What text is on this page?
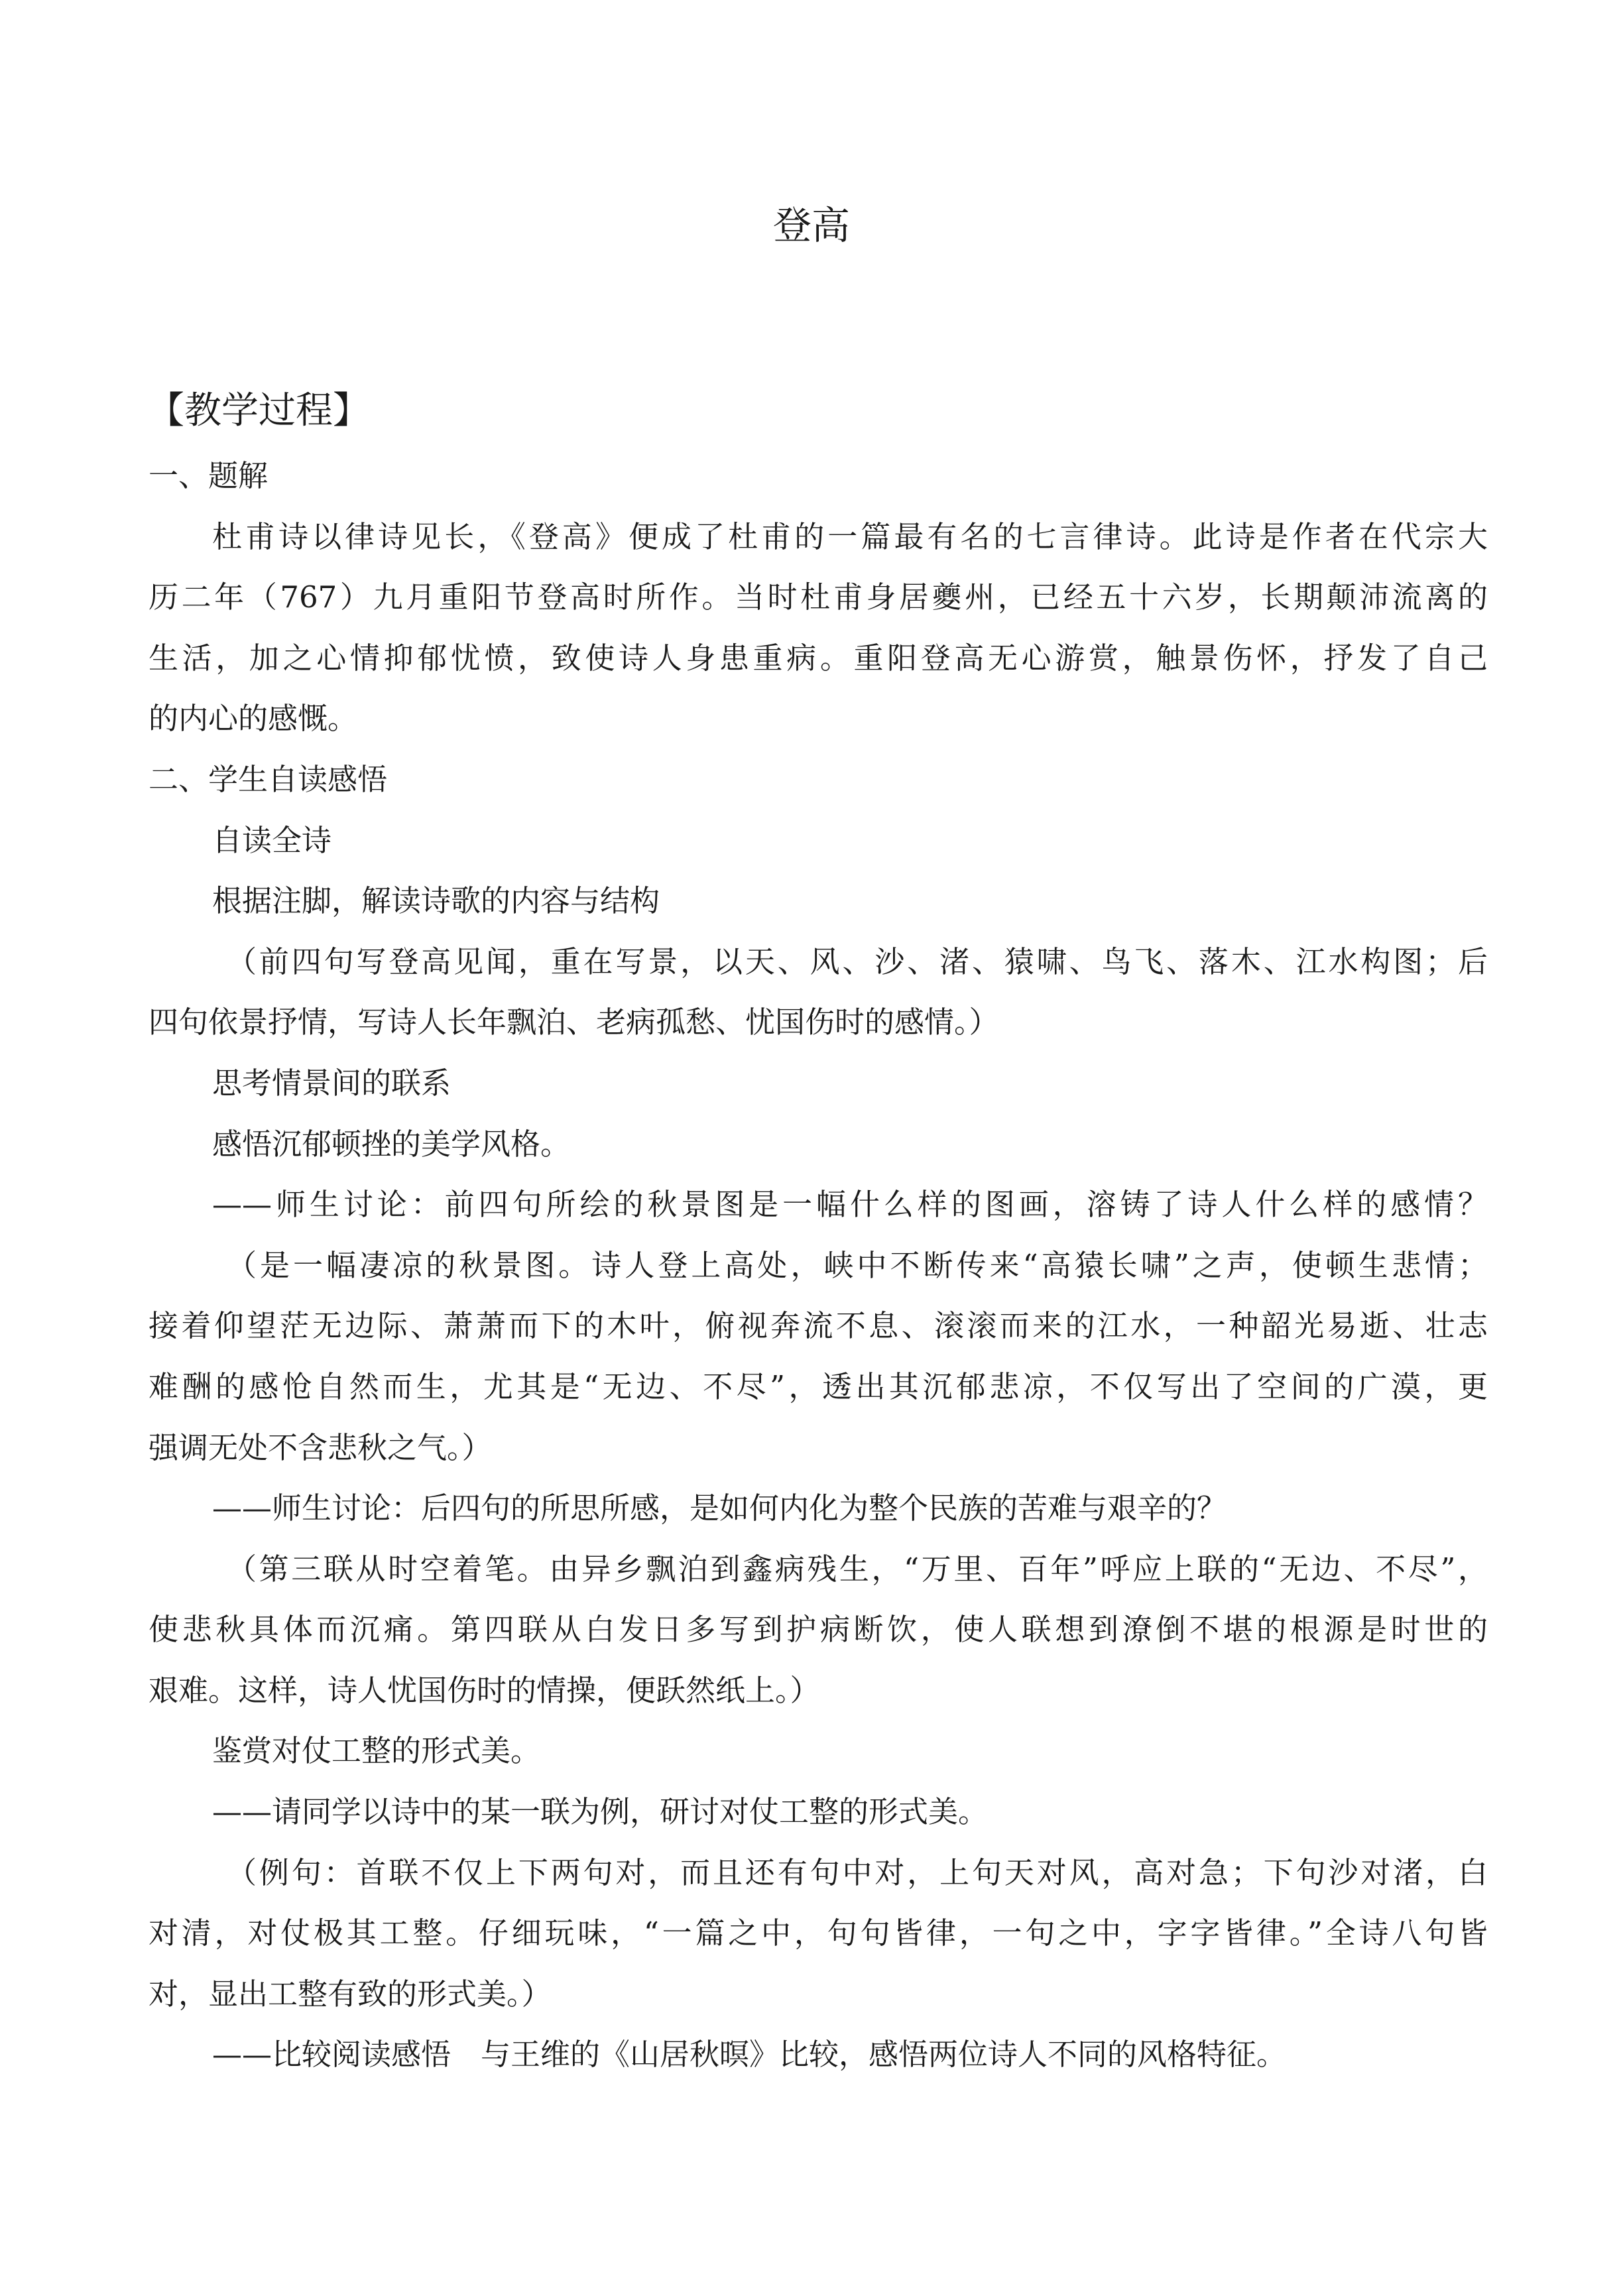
登高
【教学过程】
一、题解
杜甫诗以律诗见长，《登高》便成了杜甫的一篇最有名的七言律诗。此诗是作者在代宗大
历二年（767）九月重阳节登高时所作。当时杜甫身居夔州，已经五十六岁，长期颠沛流离的
生活，加之心情抑郁忧愤，致使诗人身患重病。重阳登高无心游赏，触景伤怀，抒发了自己
的内心的感慨。
二、学生自读感悟
自读全诗
根据注脚，解读诗歌的内容与结构
（前四句写登高见闻，重在写景，以天、风、沙、渚、猿啸、鸟飞、落木、江水构图；后
四句依景抒情，写诗人长年飘泊、老病孤愁、忧国伤时的感情。）
思考情景间的联系
感悟沉郁顿挫的美学风格。
——师生讨论：前四句所绘的秋景图是一幅什么样的图画，溶铸了诗人什么样的感情？
（是一幅凄凉的秋景图。诗人登上高处，峡中不断传来“高猿长啸”之声，使顿生悲情；
接着仰望茫无边际、萧萧而下的木叶，俯视奔流不息、滚滚而来的江水，一种韶光易逝、壮志
难酬的感怆自然而生，尤其是“无边、不尽”，透出其沉郁悲凉，不仅写出了空间的广漠，更
强调无处不含悲秋之气。）
——师生讨论：后四句的所思所感，是如何内化为整个民族的苦难与艰辛的？
（第三联从时空着笔。由异乡飘泊到鑫病残生，“万里、百年”呼应上联的“无边、不尽”，
使悲秋具体而沉痛。第四联从白发日多写到护病断饮，使人联想到潦倒不堪的根源是时世的
艰难。这样，诗人忧国伤时的情操，便跃然纸上。）
鉴赏对仗工整的形式美。
——请同学以诗中的某一联为例，研讨对仗工整的形式美。
（例句：首联不仅上下两句对，而且还有句中对，上句天对风，高对急；下句沙对渚，白
对清，对仗极其工整。仔细玩味，“一篇之中，句句皆律，一句之中，字字皆律。”全诗八句皆
对，显出工整有致的形式美。）
——比较阅读感悟　与王维的《山居秋暝》比较，感悟两位诗人不同的风格特征。
